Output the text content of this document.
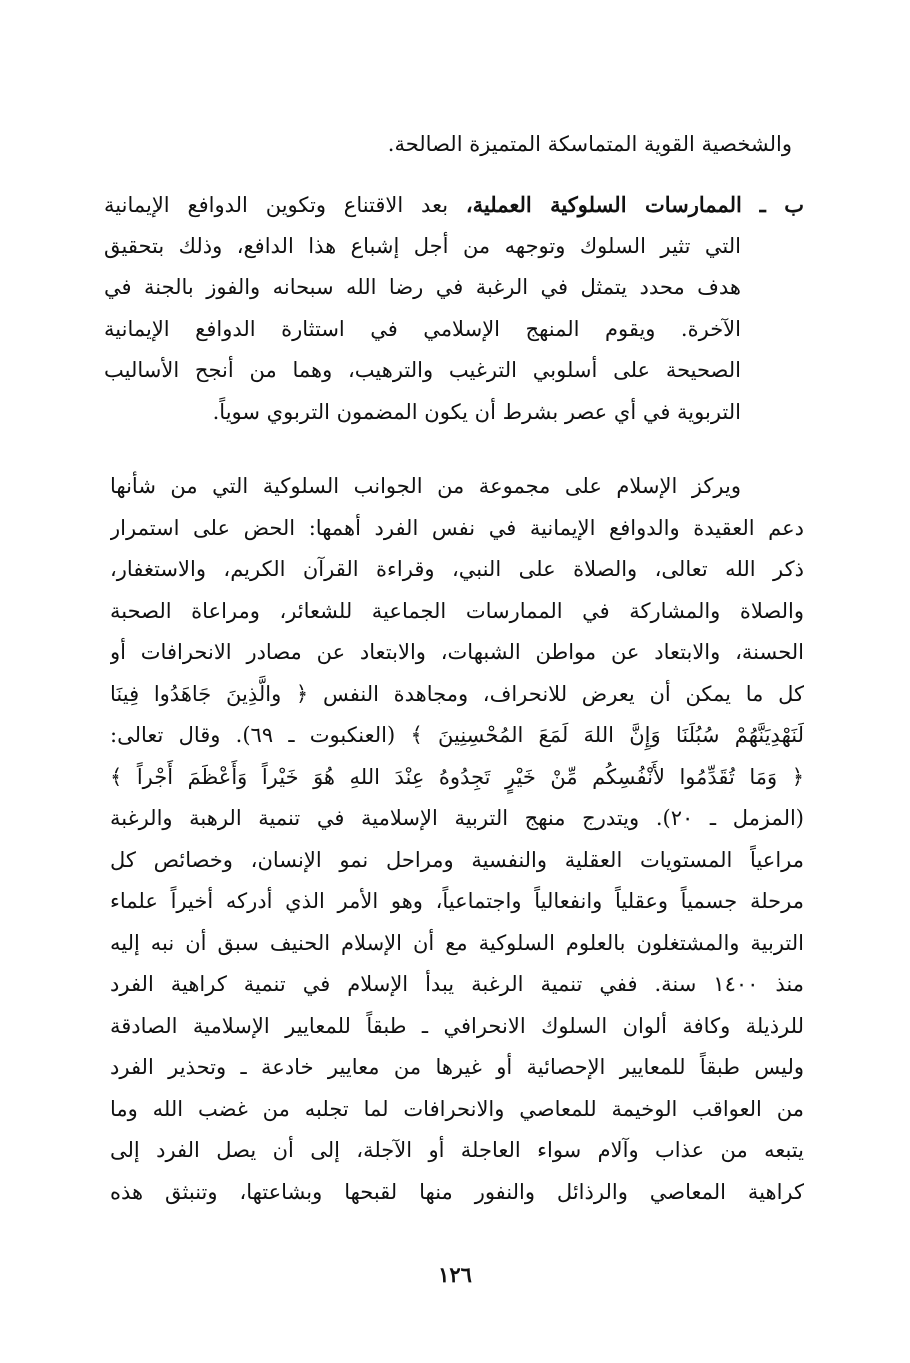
والشخصية القوية المتماسكة المتميزة الصالحة.
ب ـ الممارسات السلوكية العملية، بعد الاقتناع وتكوين الدوافع الإيمانية
التي تثير السلوك وتوجهه من أجل إشباع هذا الدافع، وذلك بتحقيق
هدف محدد يتمثل في الرغبة في رضا الله سبحانه والفوز بالجنة في
الآخرة. ويقوم المنهج الإسلامي في استثارة الدوافع الإيمانية
الصحيحة على أسلوبي الترغيب والترهيب، وهما من أنجح الأساليب
التربوية في أي عصر بشرط أن يكون المضمون التربوي سوياً.
ويركز الإسلام على مجموعة من الجوانب السلوكية التي من شأنها
دعم العقيدة والدوافع الإيمانية في نفس الفرد أهمها: الحض على استمرار
ذكر الله تعالى، والصلاة على النبي، وقراءة القرآن الكريم، والاستغفار،
والصلاة والمشاركة في الممارسات الجماعية للشعائر، ومراعاة الصحبة
الحسنة، والابتعاد عن مواطن الشبهات، والابتعاد عن مصادر الانحرافات أو
كل ما يمكن أن يعرض للانحراف، ومجاهدة النفس ﴿ والَّذِينَ جَاهَدُوا فِينَا
لَنَهْدِيَنَّهُمْ سُبُلَنَا وَإِنَّ اللهَ لَمَعَ المُحْسِنِينَ ﴾ (العنكبوت ـ ٦٩). وقال تعالى:
﴿ وَمَا تُقَدِّمُوا لأَنْفُسِكُم مِّنْ خَيْرٍ تَجِدُوهُ عِنْدَ اللهِ هُوَ خَيْراً وَأَعْظَمَ أَجْراً ﴾
(المزمل ـ ٢٠). ويتدرج منهج التربية الإسلامية في تنمية الرهبة والرغبة
مراعياً المستويات العقلية والنفسية ومراحل نمو الإنسان، وخصائص كل
مرحلة جسمياً وعقلياً وانفعالياً واجتماعياً، وهو الأمر الذي أدركه أخيراً علماء
التربية والمشتغلون بالعلوم السلوكية مع أن الإسلام الحنيف سبق أن نبه إليه
منذ ١٤٠٠ سنة. ففي تنمية الرغبة يبدأ الإسلام في تنمية كراهية الفرد
للرذيلة وكافة ألوان السلوك الانحرافي ـ طبقاً للمعايير الإسلامية الصادقة
وليس طبقاً للمعايير الإحصائية أو غيرها من معايير خادعة ـ وتحذير الفرد
من العواقب الوخيمة للمعاصي والانحرافات لما تجلبه من غضب الله وما
يتبعه من عذاب وآلام سواء العاجلة أو الآجلة، إلى أن يصل الفرد إلى
كراهية المعاصي والرذائل والنفور منها لقبحها وبشاعتها، وتنبثق هذه
١٢٦
